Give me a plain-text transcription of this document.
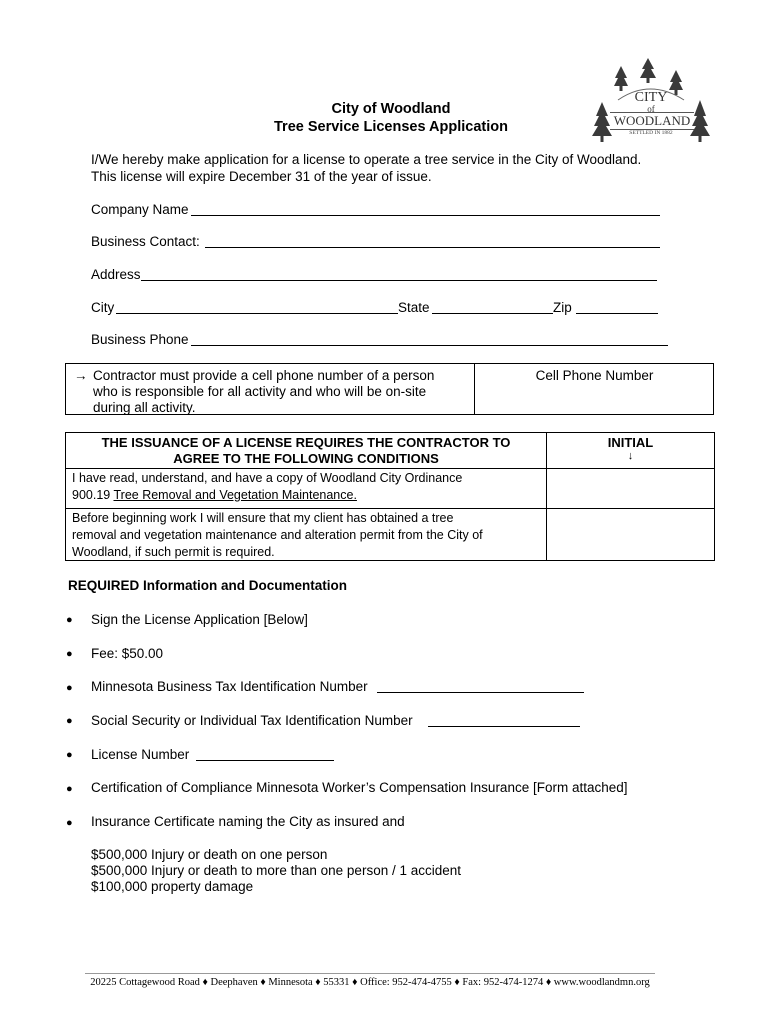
City of Woodland
Tree Service Licenses Application
CITY
of
WOODLAND
SETTLED IN 1882
I/We hereby make application for a license to operate a tree service in the City of Woodland.
This license will expire December 31 of the year of issue.
Company Name
Business Contact:
Address
City	State	Zip
Business Phone
→ Contractor must provide a cell phone number of a person
who is responsible for all activity and who will be on-site
during all activity.
Cell Phone Number
THE ISSUANCE OF A LICENSE REQUIRES THE CONTRACTOR TO
AGREE TO THE FOLLOWING CONDITIONS
INITIAL
↓
I have read, understand, and have a copy of Woodland City Ordinance
900.19 Tree Removal and Vegetation Maintenance.
Before beginning work I will ensure that my client has obtained a tree
removal and vegetation maintenance and alteration permit from the City of
Woodland, if such permit is required.
REQUIRED Information and Documentation
● Sign the License Application [Below]
● Fee: $50.00
● Minnesota Business Tax Identification Number
● Social Security or Individual Tax Identification Number
● License Number
● Certification of Compliance Minnesota Worker’s Compensation Insurance [Form attached]
● Insurance Certificate naming the City as insured and
$500,000 Injury or death on one person
$500,000 Injury or death to more than one person / 1 accident
$100,000 property damage
20225 Cottagewood Road ♦ Deephaven ♦ Minnesota ♦ 55331 ♦ Office: 952-474-4755 ♦ Fax: 952-474-1274 ♦ www.woodlandmn.org
